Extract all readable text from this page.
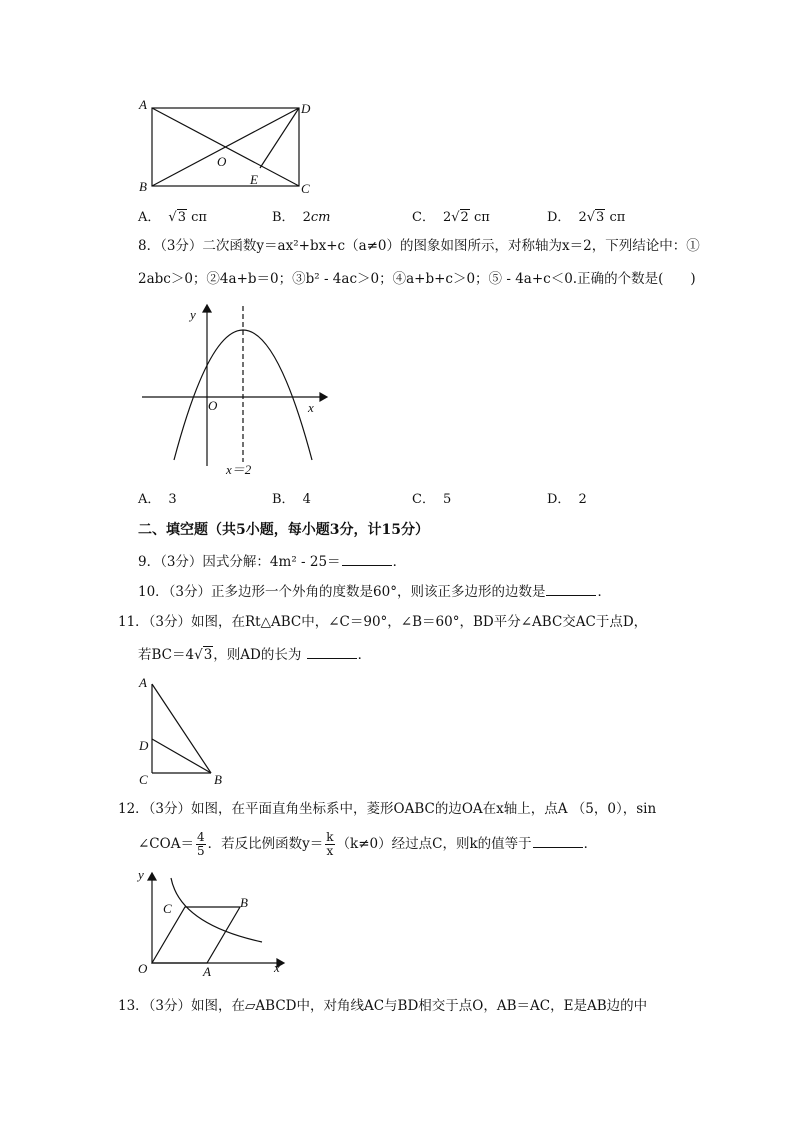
A
B	C
D
O
E
A． √3 cπ	B． 2cm	C． 2√2 cπ	D． 2√3 cπ
8．（3分）二次函数y＝ax²+bx+c（a≠0）的图象如图所示，对称轴为x＝2，下列结论中：①
2abc＞0；②4a+b＝0；③b² - 4ac＞0；④a+b+c＞0；⑤ - 4a+c＜0.正确的个数是(　　)
y
x
O
x＝2
A． 3	B． 4	C． 5	D． 2
二、填空题（共5小题，每小题3分，计15分）
9．（3分）因式分解：4m² - 25＝	．
10．（3分）正多边形一个外角的度数是60°，则该正多边形的边数是	．
11．（3分）如图，在Rt△ABC中，∠C＝90°，∠B＝60°，BD平分∠ABC交AC于点D，
若BC＝4√3，则AD的长为	．
A
D
C	B
12．（3分）如图，在平面直角坐标系中，菱形OABC的边OA在x轴上，点A （5，0），sin
∠COA＝ $\frac{4}{5}$ ．若反比例函数$y= \frac{k}{x} (k\ne 0)$经过点C，则k的值等于	．
y
x
O	A
B
C
13．（3分）如图，在▱ABCD中，对角线AC与BD相交于点O，AB＝AC，E是AB边的中
